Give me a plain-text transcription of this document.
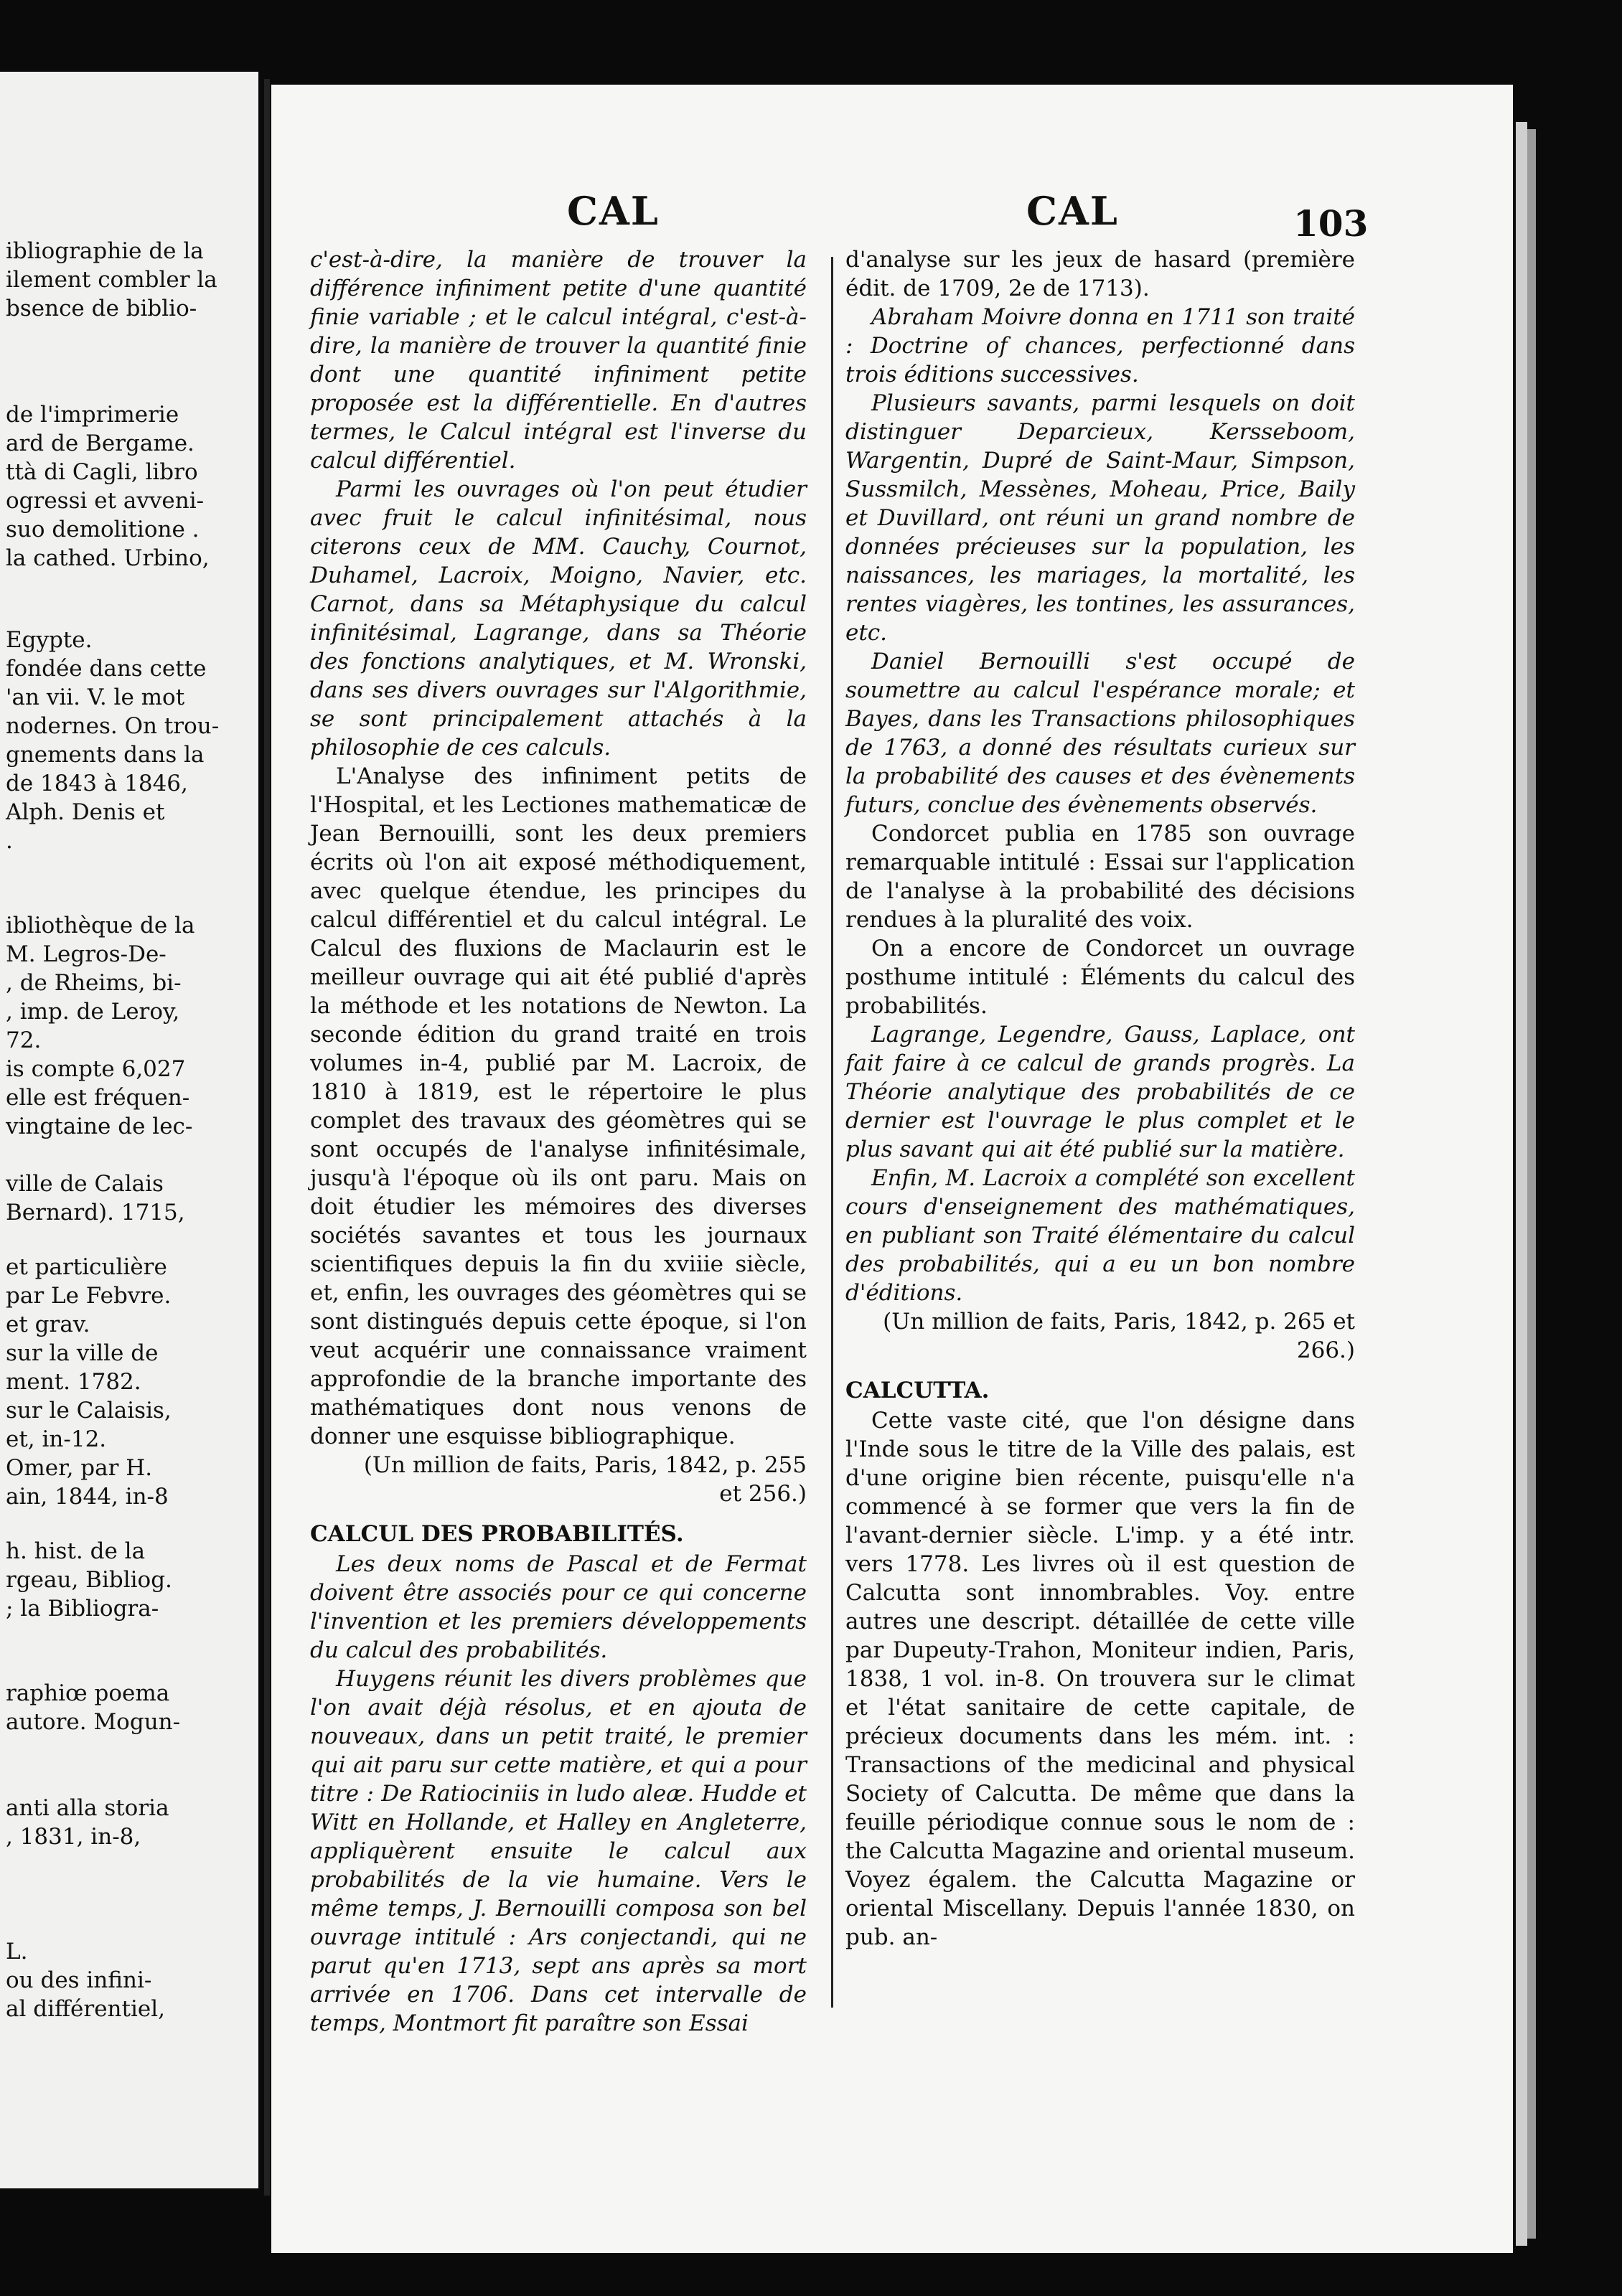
ibliographie de la
ilement combler la
bsence de biblio-
de l'imprimerie
ard de Bergame.
ttà di Cagli, libro
ogressi et avveni-
suo demolitione .
la cathed. Urbino,
Egypte.
fondée dans cette
'an vii. V. le mot
nodernes. On trou-
gnements dans la
de 1843 à 1846,
Alph. Denis et
.
ibliothèque de la
M. Legros-De-
, de Rheims, bi-
, imp. de Leroy,
72.
is compte 6,027
elle est fréquen-
vingtaine de lec-
ville de Calais
Bernard). 1715,
et particulière
par Le Febvre.
et grav.
sur la ville de
ment. 1782.
sur le Calaisis,
et, in-12.
Omer, par H.
ain, 1844, in-8
h. hist. de la
rgeau, Bibliog.
; la Bibliogra-
raphiœ poema
autore. Mogun-
anti alla storia
, 1831, in-8,
L.
ou des infini-
al différentiel,
CAL	CAL	103

c'est-à-dire, la manière de trouver la différence infiniment petite d'une quantité finie variable ; et le calcul intégral, c'est-à-dire, la manière de trouver la quantité finie dont une quantité infiniment petite proposée est la différentielle. En d'autres termes, le Calcul intégral est l'inverse du calcul différentiel.

Parmi les ouvrages où l'on peut étudier avec fruit le calcul infinitésimal, nous citerons ceux de MM. Cauchy, Cournot, Duhamel, Lacroix, Moigno, Navier, etc. Carnot, dans sa Métaphysique du calcul infinitésimal, Lagrange, dans sa Théorie des fonctions analytiques, et M. Wronski, dans ses divers ouvrages sur l'Algorithmie, se sont principalement attachés à la philosophie de ces calculs.

L'Analyse des infiniment petits de l'Hospital, et les Lectiones mathematicæ de Jean Bernouilli, sont les deux premiers écrits où l'on ait exposé méthodiquement, avec quelque étendue, les principes du calcul différentiel et du calcul intégral. Le Calcul des fluxions de Maclaurin est le meilleur ouvrage qui ait été publié d'après la méthode et les notations de Newton. La seconde édition du grand traité en trois volumes in-4, publié par M. Lacroix, de 1810 à 1819, est le répertoire le plus complet des travaux des géomètres qui se sont occupés de l'analyse infinitésimale, jusqu'à l'époque où ils ont paru. Mais on doit étudier les mémoires des diverses sociétés savantes et tous les journaux scientifiques depuis la fin du xviiie siècle, et, enfin, les ouvrages des géomètres qui se sont distingués depuis cette époque, si l'on veut acquérir une connaissance vraiment approfondie de la branche importante des mathématiques dont nous venons de donner une esquisse bibliographique.

(Un million de faits, Paris, 1842, p. 255 et 256.)

CALCUL DES PROBABILITÉS.

Les deux noms de Pascal et de Fermat doivent être associés pour ce qui concerne l'invention et les premiers développements du calcul des probabilités.

Huygens réunit les divers problèmes que l'on avait déjà résolus, et en ajouta de nouveaux, dans un petit traité, le premier qui ait paru sur cette matière, et qui a pour titre : De Ratiociniis in ludo aleæ. Hudde et Witt en Hollande, et Halley en Angleterre, appliquèrent ensuite le calcul aux probabilités de la vie humaine. Vers le même temps, J. Bernouilli composa son bel ouvrage intitulé : Ars conjectandi, qui ne parut qu'en 1713, sept ans après sa mort arrivée en 1706. Dans cet intervalle de temps, Montmort fit paraître son Essai

d'analyse sur les jeux de hasard (première édit. de 1709, 2e de 1713).

Abraham Moivre donna en 1711 son traité : Doctrine of chances, perfectionné dans trois éditions successives.

Plusieurs savants, parmi lesquels on doit distinguer Deparcieux, Kersseboom, Wargentin, Dupré de Saint-Maur, Simpson, Sussmilch, Messènes, Moheau, Price, Baily et Duvillard, ont réuni un grand nombre de données précieuses sur la population, les naissances, les mariages, la mortalité, les rentes viagères, les tontines, les assurances, etc.

Daniel Bernouilli s'est occupé de soumettre au calcul l'espérance morale; et Bayes, dans les Transactions philosophiques de 1763, a donné des résultats curieux sur la probabilité des causes et des évènements futurs, conclue des évènements observés.

Condorcet publia en 1785 son ouvrage remarquable intitulé : Essai sur l'application de l'analyse à la probabilité des décisions rendues à la pluralité des voix.

On a encore de Condorcet un ouvrage posthume intitulé : Éléments du calcul des probabilités.

Lagrange, Legendre, Gauss, Laplace, ont fait faire à ce calcul de grands progrès. La Théorie analytique des probabilités de ce dernier est l'ouvrage le plus complet et le plus savant qui ait été publié sur la matière.

Enfin, M. Lacroix a complété son excellent cours d'enseignement des mathématiques, en publiant son Traité élémentaire du calcul des probabilités, qui a eu un bon nombre d'éditions.

(Un million de faits, Paris, 1842, p. 265 et 266.)

CALCUTTA.

Cette vaste cité, que l'on désigne dans l'Inde sous le titre de la Ville des palais, est d'une origine bien récente, puisqu'elle n'a commencé à se former que vers la fin de l'avant-dernier siècle. L'imp. y a été intr. vers 1778. Les livres où il est question de Calcutta sont innombrables. Voy. entre autres une descript. détaillée de cette ville par Dupeuty-Trahon, Moniteur indien, Paris, 1838, 1 vol. in-8. On trouvera sur le climat et l'état sanitaire de cette capitale, de précieux documents dans les mém. int. : Transactions of the medicinal and physical Society of Calcutta. De même que dans la feuille périodique connue sous le nom de : the Calcutta Magazine and oriental museum. Voyez égalem. the Calcutta Magazine or oriental Miscellany. Depuis l'année 1830, on pub. an-
